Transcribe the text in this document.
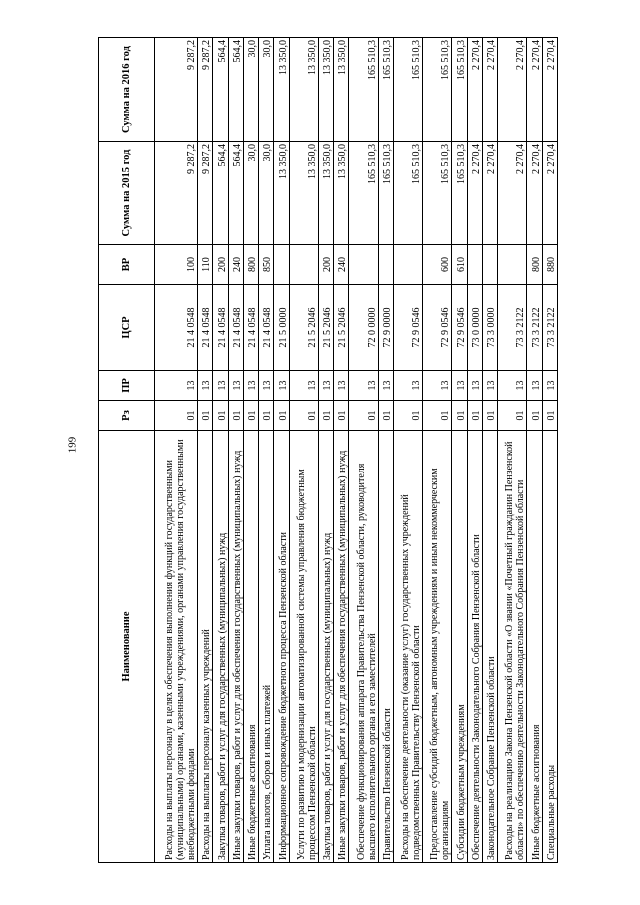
199
Наименование	Рз	ПР	ЦСР	ВР	Сумма на 2015 год	Сумма на 2016 год
Расходы на выплаты персоналу в целях обеспечения выполнения функций государственными (муниципальными) органами, казенными учреждениями, органами управления государственными внебюджетными фондами	01	13	21 4 0548	100	9 287,2	9 287,2
Расходы на выплаты персоналу казенных учреждений	01	13	21 4 0548	110	9 287,2	9 287,2
Закупка товаров, работ и услуг для государственных (муниципальных) нужд	01	13	21 4 0548	200	564,4	564,4
Иные закупки товаров, работ и услуг для обеспечения государственных (муниципальных) нужд	01	13	21 4 0548	240	564,4	564,4
Иные бюджетные ассигнования	01	13	21 4 0548	800	30,0	30,0
Уплата налогов, сборов и иных платежей	01	13	21 4 0548	850	30,0	30,0
Информационное сопровождение бюджетного процесса Пензенской области	01	13	21 5 0000		13 350,0	13 350,0
Услуги по развитию и модернизации автоматизированной системы управления бюджетным процессом Пензенской области	01	13	21 5 2046		13 350,0	13 350,0
Закупка товаров, работ и услуг для государственных (муниципальных) нужд	01	13	21 5 2046	200	13 350,0	13 350,0
Иные закупки товаров, работ и услуг для обеспечения государственных (муниципальных) нужд	01	13	21 5 2046	240	13 350,0	13 350,0
Обеспечение функционирования аппарата Правительства Пензенской области, руководителя высшего исполнительного органа и его заместителей	01	13	72 0 0000		165 510,3	165 510,3
Правительство Пензенской области	01	13	72 9 0000		165 510,3	165 510,3
Расходы на обеспечение деятельности (оказание услуг) государственных учреждений подведомственных Правительству Пензенской области	01	13	72 9 0546		165 510,3	165 510,3
Предоставление субсидий бюджетным, автономным учреждениям и иным некоммерческим организациям	01	13	72 9 0546	600	165 510,3	165 510,3
Субсидии бюджетным учреждениям	01	13	72 9 0546	610	165 510,3	165 510,3
Обеспечение деятельности Законодательного Собрания Пензенской области	01	13	73 0 0000		2 270,4	2 270,4
Законодательное Собрание Пензенской области	01	13	73 3 0000		2 270,4	2 270,4
Расходы на реализацию Закона Пензенской области «О звании «Почетный гражданин Пензенской области» по обеспечению деятельности Законодательного Собрания Пензенской области	01	13	73 3 2122		2 270,4	2 270,4
Иные бюджетные ассигнования	01	13	73 3 2122	800	2 270,4	2 270,4
Специальные расходы	01	13	73 3 2122	880	2 270,4	2 270,4
